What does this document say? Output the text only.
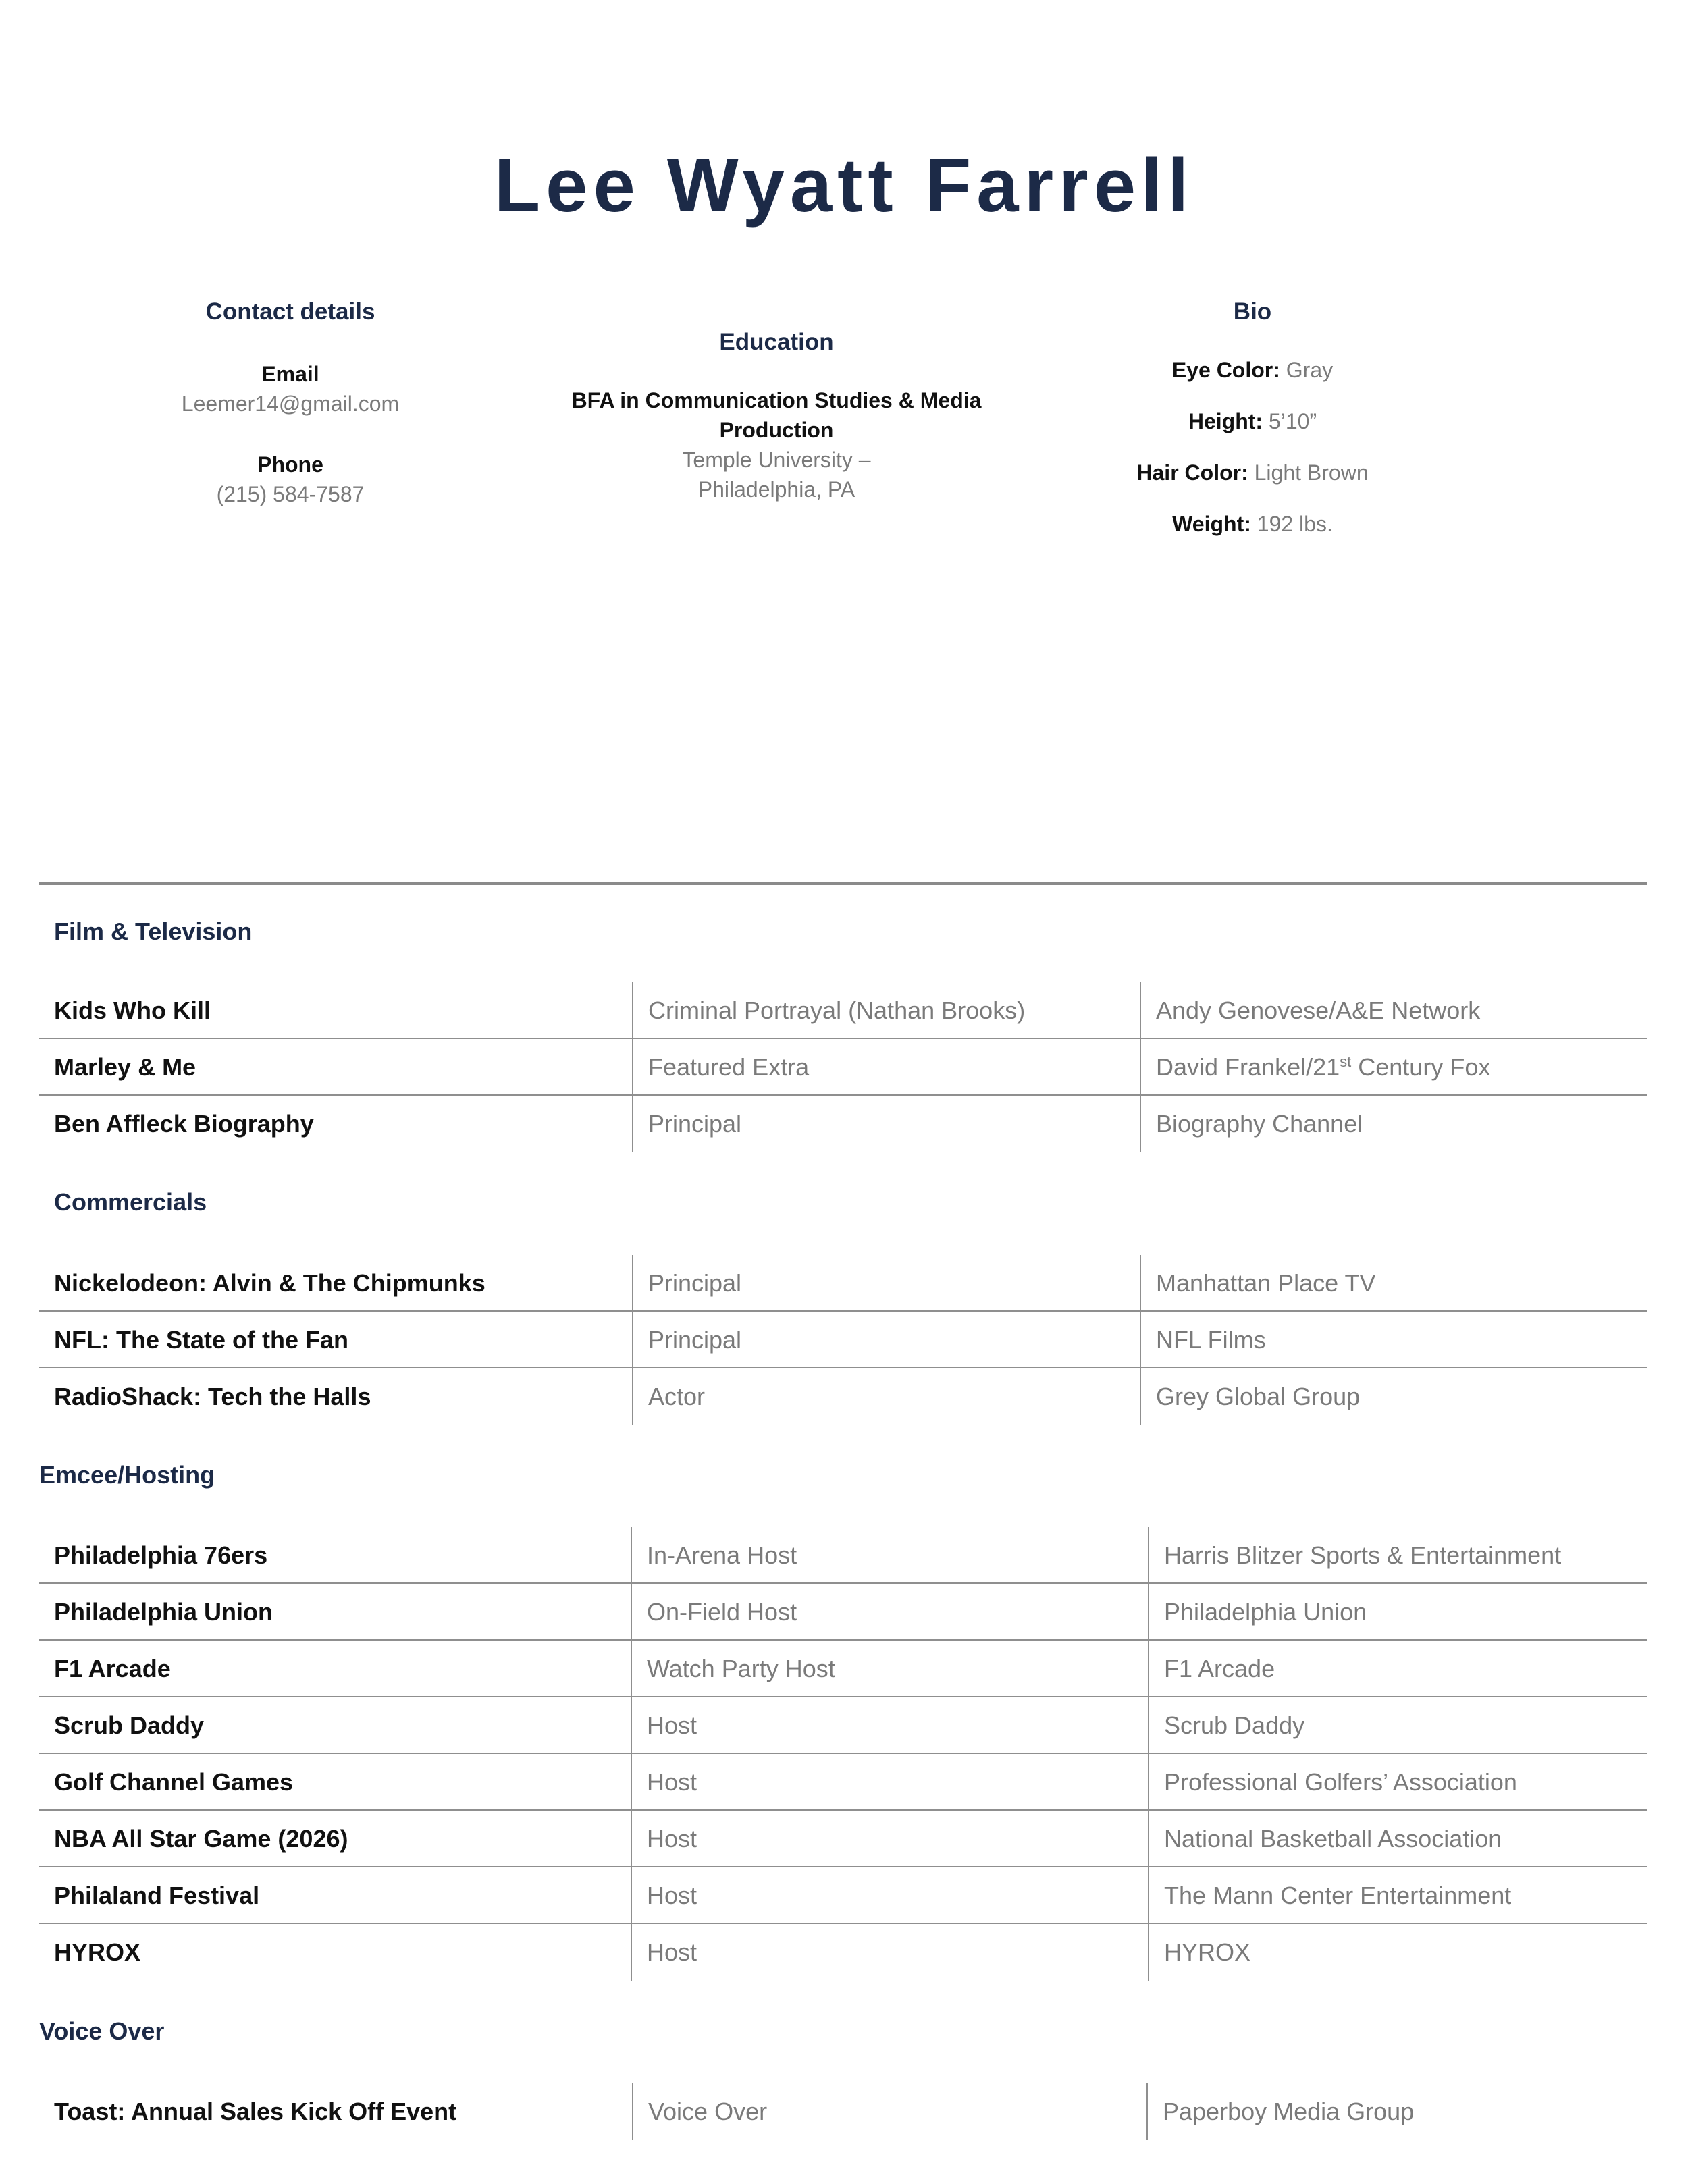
Lee Wyatt Farrell
Contact details
Email
Leemer14@gmail.com
Phone
(215) 584-7587
Education
BFA in Communication Studies & Media
Production
Temple University –
Philadelphia, PA
Bio
Eye Color: Gray
Height: 5’10”
Hair Color: Light Brown
Weight: 192 lbs.
Film & Television
Kids Who Kill	Criminal Portrayal (Nathan Brooks)	Andy Genovese/A&E Network
Marley & Me	Featured Extra	David Frankel/21st Century Fox
Ben Affleck Biography	Principal	Biography Channel
Commercials
Nickelodeon: Alvin & The Chipmunks	Principal	Manhattan Place TV
NFL: The State of the Fan	Principal	NFL Films
RadioShack: Tech the Halls	Actor	Grey Global Group
Emcee/Hosting
Philadelphia 76ers	In-Arena Host	Harris Blitzer Sports & Entertainment
Philadelphia Union	On-Field Host	Philadelphia Union
F1 Arcade	Watch Party Host	F1 Arcade
Scrub Daddy	Host	Scrub Daddy
Golf Channel Games	Host	Professional Golfers’ Association
NBA All Star Game (2026)	Host	National Basketball Association
Philaland Festival	Host	The Mann Center Entertainment
HYROX	Host	HYROX
Voice Over
Toast: Annual Sales Kick Off Event	Voice Over	Paperboy Media Group
